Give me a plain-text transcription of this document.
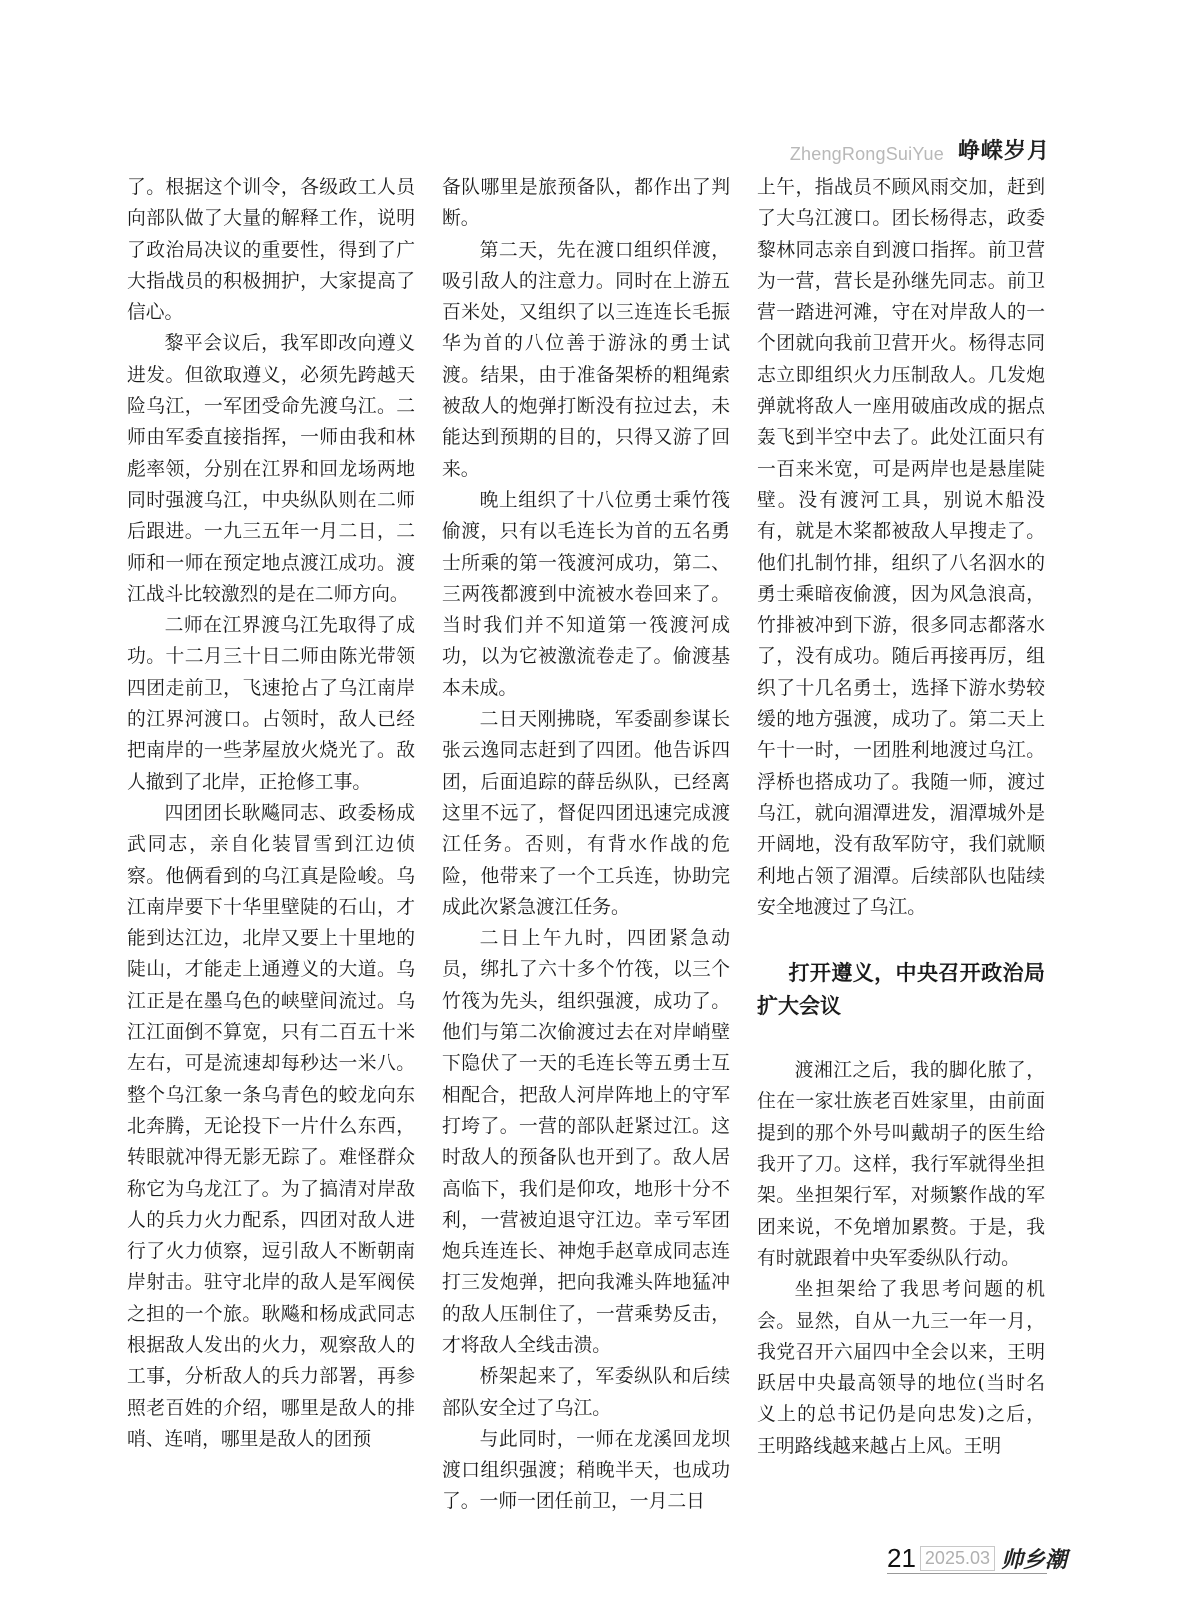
ZhengRongSuiYue 峥嵘岁月

了。根据这个训令，各级政工人员向部队做了大量的解释工作，说明了政治局决议的重要性，得到了广大指战员的积极拥护，大家提高了信心。

黎平会议后，我军即改向遵义进发。但欲取遵义，必须先跨越天险乌江，一军团受命先渡乌江。二师由军委直接指挥，一师由我和林彪率领，分别在江界和回龙场两地同时强渡乌江，中央纵队则在二师后跟进。一九三五年一月二日，二师和一师在预定地点渡江成功。渡江战斗比较激烈的是在二师方向。

二师在江界渡乌江先取得了成功。十二月三十日二师由陈光带领四团走前卫，飞速抢占了乌江南岸的江界河渡口。占领时，敌人已经把南岸的一些茅屋放火烧光了。敌人撤到了北岸，正抢修工事。

四团团长耿飚同志、政委杨成武同志，亲自化装冒雪到江边侦察。他俩看到的乌江真是险峻。乌江南岸要下十华里壁陡的石山，才能到达江边，北岸又要上十里地的陡山，才能走上通遵义的大道。乌江正是在墨乌色的峡壁间流过。乌江江面倒不算宽，只有二百五十米左右，可是流速却每秒达一米八。整个乌江象一条乌青色的蛟龙向东北奔腾，无论投下一片什么东西，转眼就冲得无影无踪了。难怪群众称它为乌龙江了。为了搞清对岸敌人的兵力火力配系，四团对敌人进行了火力侦察，逗引敌人不断朝南岸射击。驻守北岸的敌人是军阀侯之担的一个旅。耿飚和杨成武同志根据敌人发出的火力，观察敌人的工事，分析敌人的兵力部署，再参照老百姓的介绍，哪里是敌人的排哨、连哨，哪里是敌人的团预

备队哪里是旅预备队，都作出了判断。

第二天，先在渡口组织佯渡，吸引敌人的注意力。同时在上游五百米处，又组织了以三连连长毛振华为首的八位善于游泳的勇士试渡。结果，由于准备架桥的粗绳索被敌人的炮弹打断没有拉过去，未能达到预期的目的，只得又游了回来。

晚上组织了十八位勇士乘竹筏偷渡，只有以毛连长为首的五名勇士所乘的第一筏渡河成功，第二、三两筏都渡到中流被水卷回来了。当时我们并不知道第一筏渡河成功，以为它被激流卷走了。偷渡基本未成。

二日天刚拂晓，军委副参谋长张云逸同志赶到了四团。他告诉四团，后面追踪的薛岳纵队，已经离这里不远了，督促四团迅速完成渡江任务。否则，有背水作战的危险，他带来了一个工兵连，协助完成此次紧急渡江任务。

二日上午九时，四团紧急动员，绑扎了六十多个竹筏，以三个竹筏为先头，组织强渡，成功了。他们与第二次偷渡过去在对岸峭壁下隐伏了一天的毛连长等五勇士互相配合，把敌人河岸阵地上的守军打垮了。一营的部队赶紧过江。这时敌人的预备队也开到了。敌人居高临下，我们是仰攻，地形十分不利，一营被迫退守江边。幸亏军团炮兵连连长、神炮手赵章成同志连打三发炮弹，把向我滩头阵地猛冲的敌人压制住了，一营乘势反击，才将敌人全线击溃。

桥架起来了，军委纵队和后续部队安全过了乌江。

与此同时，一师在龙溪回龙坝渡口组织强渡；稍晚半天，也成功了。一师一团任前卫，一月二日

上午，指战员不顾风雨交加，赶到了大乌江渡口。团长杨得志，政委黎林同志亲自到渡口指挥。前卫营为一营，营长是孙继先同志。前卫营一踏进河滩，守在对岸敌人的一个团就向我前卫营开火。杨得志同志立即组织火力压制敌人。几发炮弹就将敌人一座用破庙改成的据点轰飞到半空中去了。此处江面只有一百来米宽，可是两岸也是悬崖陡壁。没有渡河工具，别说木船没有，就是木桨都被敌人早搜走了。他们扎制竹排，组织了八名泅水的勇士乘暗夜偷渡，因为风急浪高，竹排被冲到下游，很多同志都落水了，没有成功。随后再接再厉，组织了十几名勇士，选择下游水势较缓的地方强渡，成功了。第二天上午十一时，一团胜利地渡过乌江。浮桥也搭成功了。我随一师，渡过乌江，就向湄潭进发，湄潭城外是开阔地，没有敌军防守，我们就顺利地占领了湄潭。后续部队也陆续安全地渡过了乌江。

打开遵义，中央召开政治局扩大会议

渡湘江之后，我的脚化脓了，住在一家壮族老百姓家里，由前面提到的那个外号叫戴胡子的医生给我开了刀。这样，我行军就得坐担架。坐担架行军，对频繁作战的军团来说，不免增加累赘。于是，我有时就跟着中央军委纵队行动。

坐担架给了我思考问题的机会。显然，自从一九三一年一月，我党召开六届四中全会以来，王明跃居中央最高领导的地位(当时名义上的总书记仍是向忠发)之后，王明路线越来越占上风。王明

21 2025.03 帅乡潮
